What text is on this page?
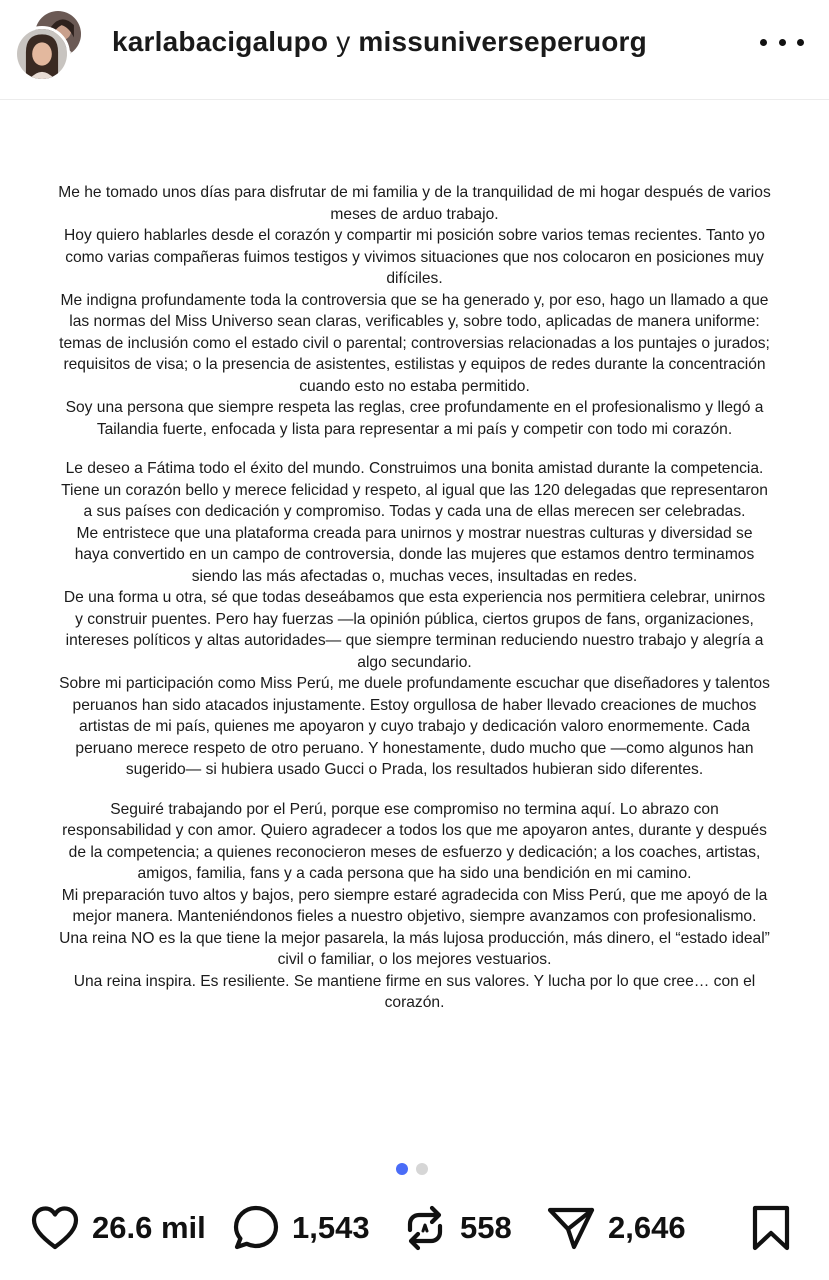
karlabacigalupo y missuniverseperuorg

Me he tomado unos días para disfrutar de mi familia y de la tranquilidad de mi hogar después de varios meses de arduo trabajo.

Hoy quiero hablarles desde el corazón y compartir mi posición sobre varios temas recientes. Tanto yo como varias compañeras fuimos testigos y vivimos situaciones que nos colocaron en posiciones muy difíciles.

Me indigna profundamente toda la controversia que se ha generado y, por eso, hago un llamado a que las normas del Miss Universo sean claras, verificables y, sobre todo, aplicadas de manera uniforme: temas de inclusión como el estado civil o parental; controversias relacionadas a los puntajes o jurados; requisitos de visa; o la presencia de asistentes, estilistas y equipos de redes durante la concentración cuando esto no estaba permitido.

Soy una persona que siempre respeta las reglas, cree profundamente en el profesionalismo y llegó a Tailandia fuerte, enfocada y lista para representar a mi país y competir con todo mi corazón.

Le deseo a Fátima todo el éxito del mundo. Construimos una bonita amistad durante la competencia. Tiene un corazón bello y merece felicidad y respeto, al igual que las 120 delegadas que representaron a sus países con dedicación y compromiso. Todas y cada una de ellas merecen ser celebradas.

Me entristece que una plataforma creada para unirnos y mostrar nuestras culturas y diversidad se haya convertido en un campo de controversia, donde las mujeres que estamos dentro terminamos siendo las más afectadas o, muchas veces, insultadas en redes.

De una forma u otra, sé que todas deseábamos que esta experiencia nos permitiera celebrar, unirnos y construir puentes. Pero hay fuerzas —la opinión pública, ciertos grupos de fans, organizaciones, intereses políticos y altas autoridades— que siempre terminan reduciendo nuestro trabajo y alegría a algo secundario.

Sobre mi participación como Miss Perú, me duele profundamente escuchar que diseñadores y talentos peruanos han sido atacados injustamente. Estoy orgullosa de haber llevado creaciones de muchos artistas de mi país, quienes me apoyaron y cuyo trabajo y dedicación valoro enormemente. Cada peruano merece respeto de otro peruano. Y honestamente, dudo mucho que —como algunos han sugerido— si hubiera usado Gucci o Prada, los resultados hubieran sido diferentes.

Seguiré trabajando por el Perú, porque ese compromiso no termina aquí. Lo abrazo con responsabilidad y con amor. Quiero agradecer a todos los que me apoyaron antes, durante y después de la competencia; a quienes reconocieron meses de esfuerzo y dedicación; a los coaches, artistas, amigos, familia, fans y a cada persona que ha sido una bendición en mi camino.

Mi preparación tuvo altos y bajos, pero siempre estaré agradecida con Miss Perú, que me apoyó de la mejor manera. Manteniéndonos fieles a nuestro objetivo, siempre avanzamos con profesionalismo.

Una reina NO es la que tiene la mejor pasarela, la más lujosa producción, más dinero, el “estado ideal” civil o familiar, o los mejores vestuarios.

Una reina inspira. Es resiliente. Se mantiene firme en sus valores. Y lucha por lo que cree… con el corazón.

26.6 mil	1,543	558	2,646
